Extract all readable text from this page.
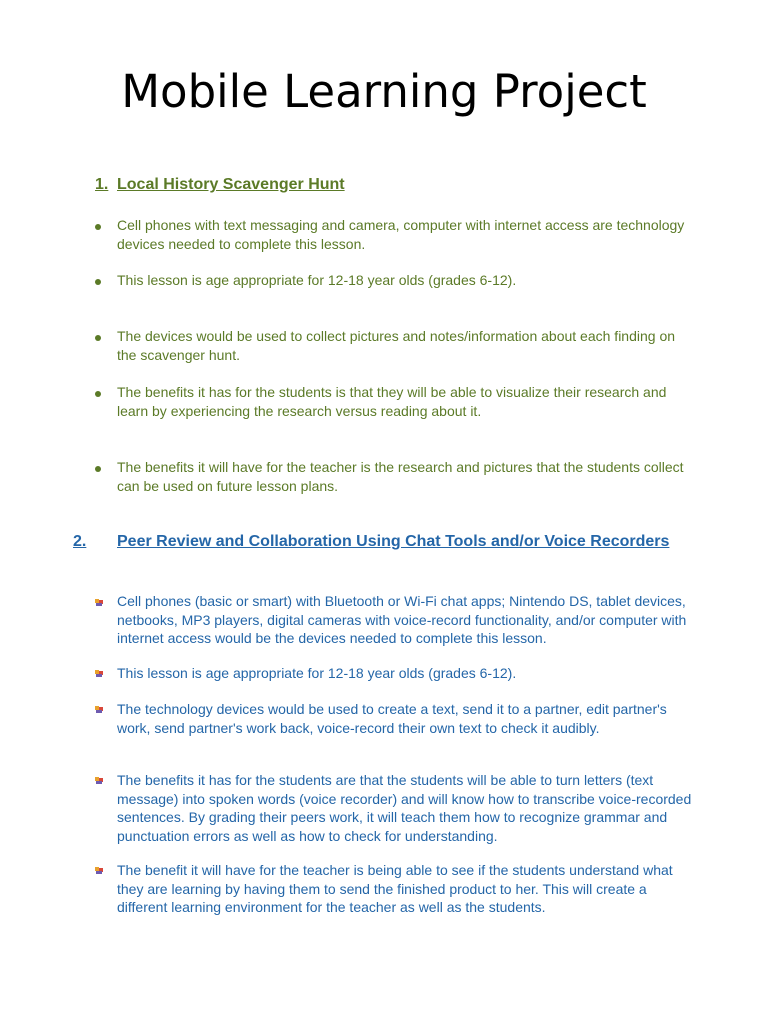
Mobile Learning Project
1. Local History Scavenger Hunt

Cell phones with text messaging and camera, computer with internet access are technology devices needed to complete this lesson.

This lesson is age appropriate for 12-18 year olds (grades 6-12).

The devices would be used to collect pictures and notes/information about each finding on the scavenger hunt.

The benefits it has for the students is that they will be able to visualize their research and learn by experiencing the research versus reading about it.

The benefits it will have for the teacher is the research and pictures that the students collect can be used on future lesson plans.

2. Peer Review and Collaboration Using Chat Tools and/or Voice Recorders

Cell phones (basic or smart) with Bluetooth or Wi-Fi chat apps; Nintendo DS, tablet devices, netbooks, MP3 players, digital cameras with voice-record functionality, and/or computer with internet access would be the devices needed to complete this lesson.

This lesson is age appropriate for 12-18 year olds (grades 6-12).

The technology devices would be used to create a text, send it to a partner, edit partner's work, send partner's work back, voice-record their own text to check it audibly.

The benefits it has for the students are that the students will be able to turn letters (text message) into spoken words (voice recorder) and will know how to transcribe voice-recorded sentences. By grading their peers work, it will teach them how to recognize grammar and punctuation errors as well as how to check for understanding.

The benefit it will have for the teacher is being able to see if the students understand what they are learning by having them to send the finished product to her. This will create a different learning environment for the teacher as well as the students.
